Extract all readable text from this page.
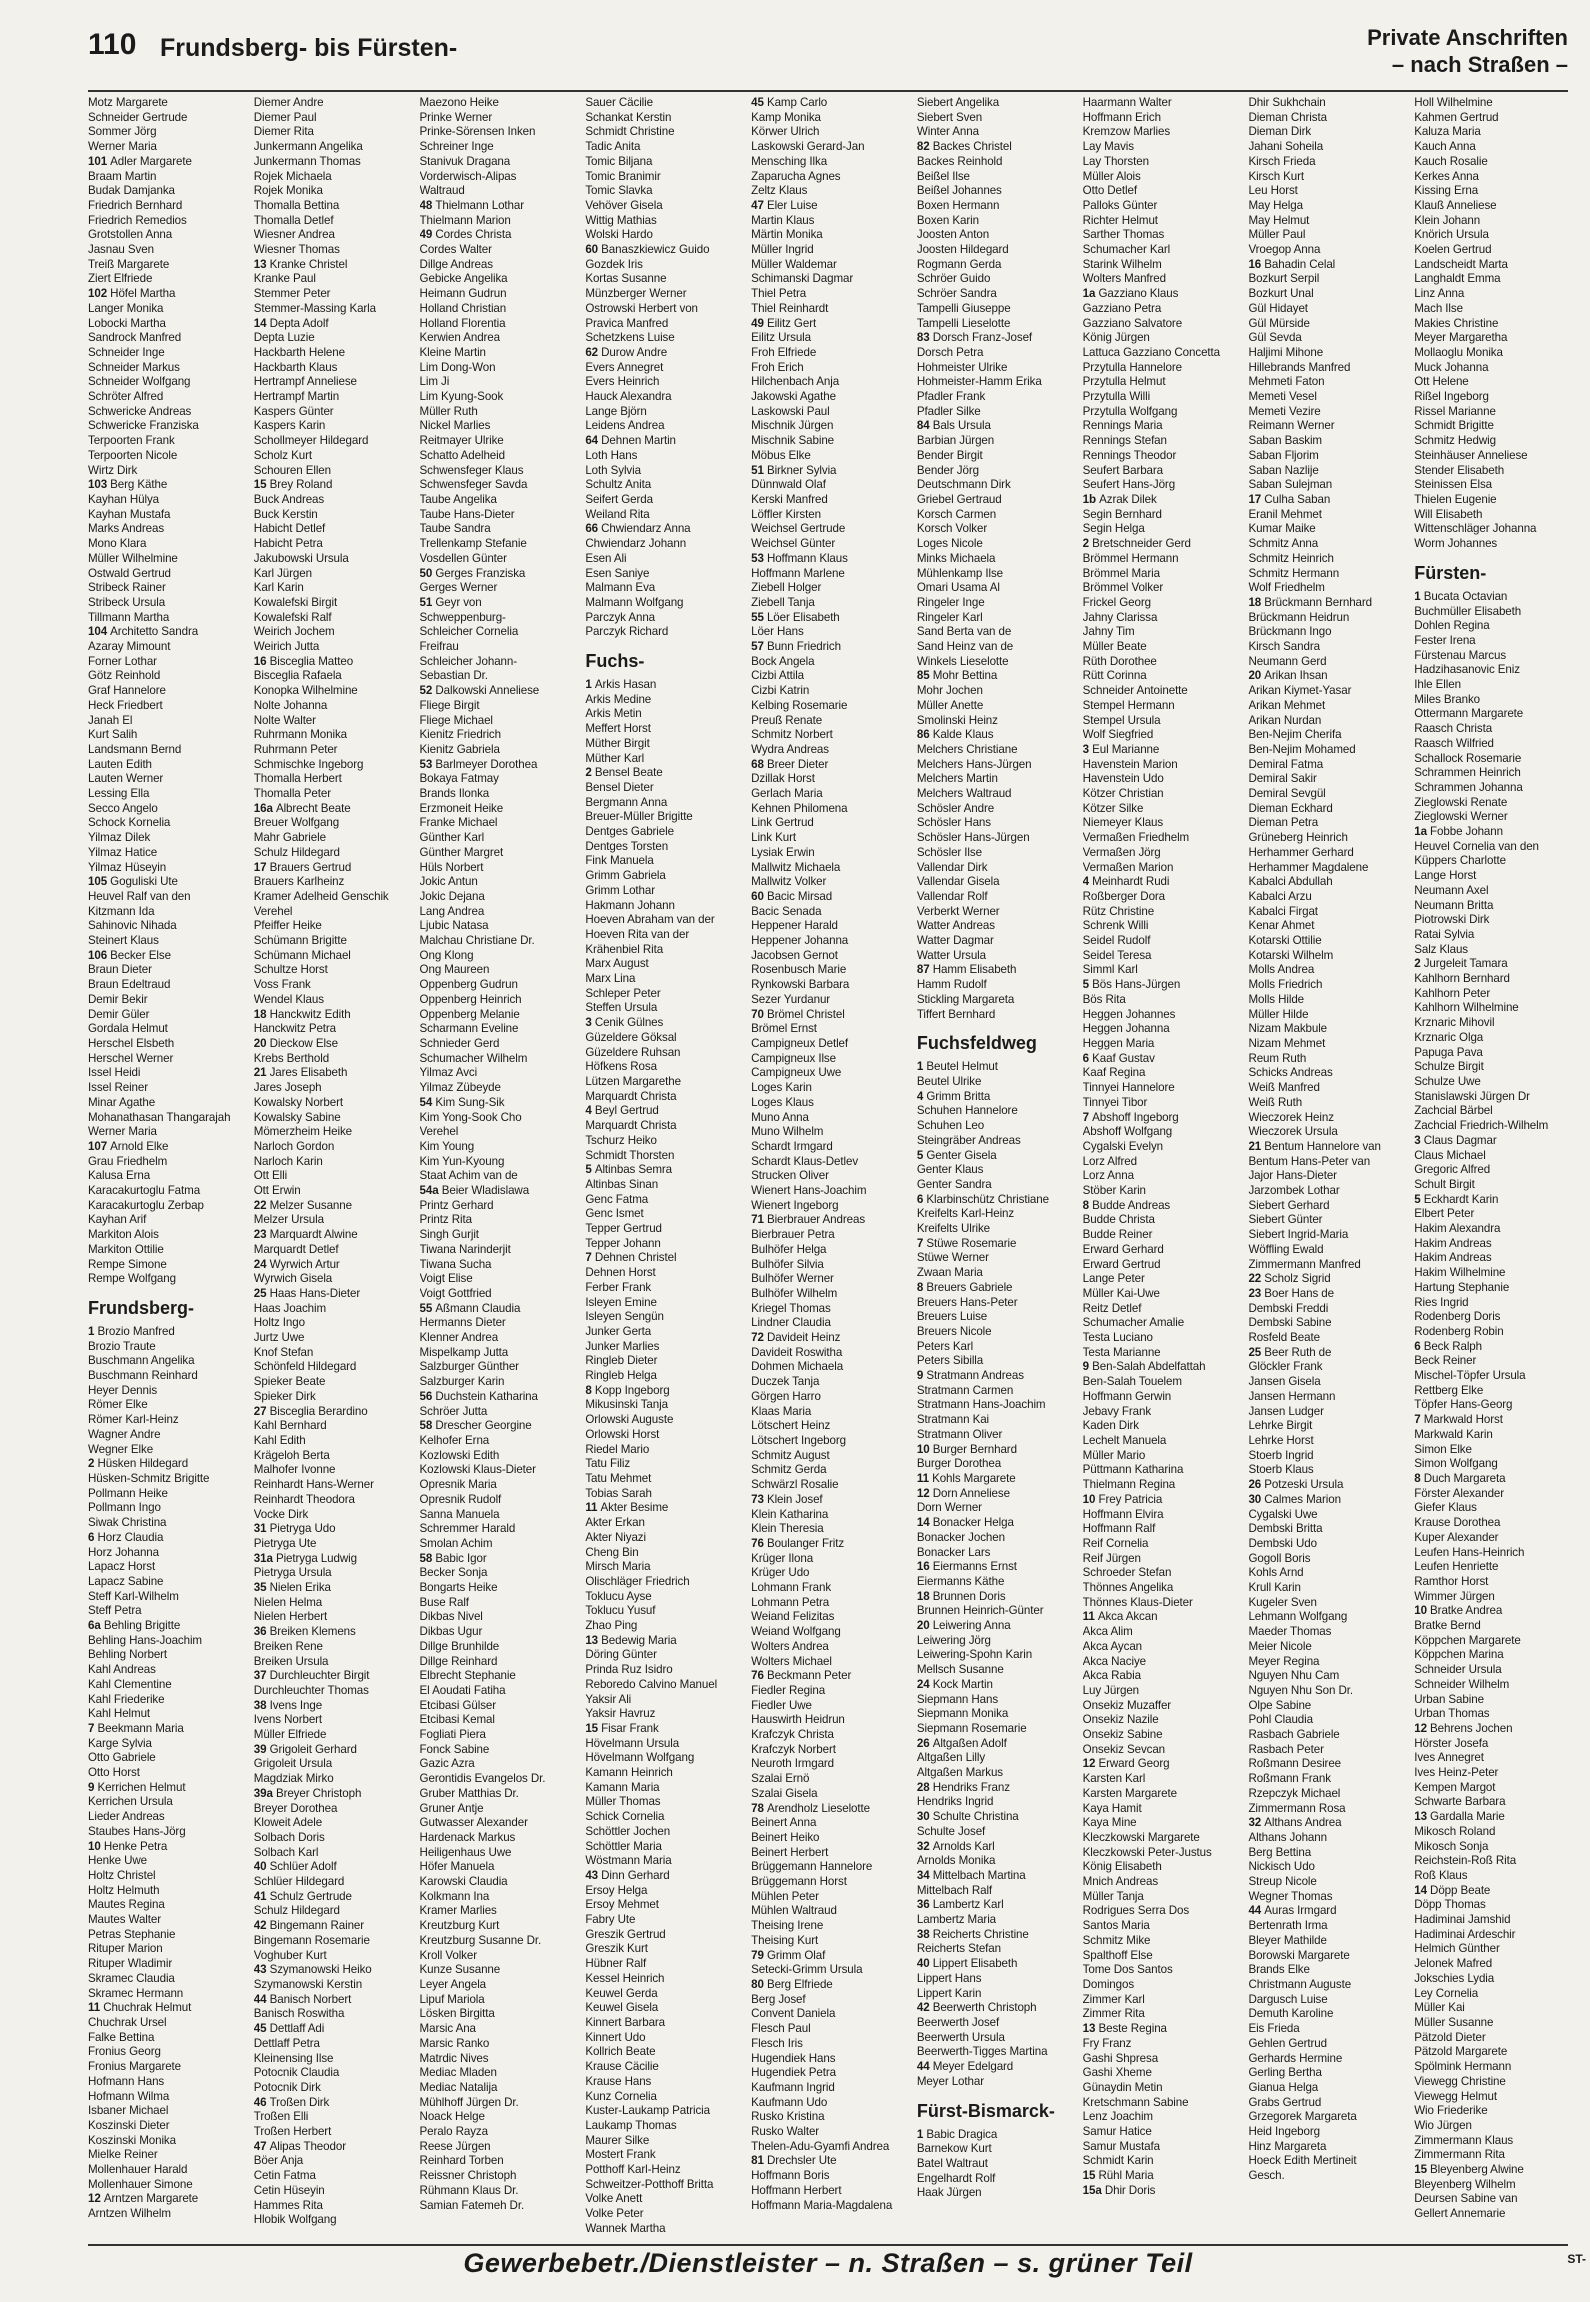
110 Frundsberg- bis Fürsten-	Private Anschriften
– nach Straßen –
Motz Margarete
Schneider Gertrude
Sommer Jörg
Werner Maria
101 Adler Margarete
Braam Martin
Budak Damjanka
Friedrich Bernhard
Friedrich Remedios
Grotstollen Anna
Jasnau Sven
Treiß Margarete
Ziert Elfriede
102 Höfel Martha
Langer Monika
Lobocki Martha
Sandrock Manfred
Schneider Inge
Schneider Markus
Schneider Wolfgang
Schröter Alfred
Schwericke Andreas
Schwericke Franziska
Terpoorten Frank
Terpoorten Nicole
Wirtz Dirk
103 Berg Käthe
Kayhan Hülya
Kayhan Mustafa
Marks Andreas
Mono Klara
Müller Wilhelmine
Ostwald Gertrud
Stribeck Rainer
Stribeck Ursula
Tillmann Martha
104 Architetto Sandra
Azaray Mimount
Forner Lothar
Götz Reinhold
Graf Hannelore
Heck Friedbert
Janah El
Kurt Salih
Landsmann Bernd
Lauten Edith
Lauten Werner
Lessing Ella
Secco Angelo
Schock Kornelia
Yilmaz Dilek
Yilmaz Hatice
Yilmaz Hüseyin
105 Goguliski Ute
Heuvel Ralf van den
Kitzmann Ida
Sahinovic Nihada
Steinert Klaus
106 Becker Else
Braun Dieter
Braun Edeltraud
Demir Bekir
Demir Güler
Gordala Helmut
Herschel Elsbeth
Herschel Werner
Issel Heidi
Issel Reiner
Minar Agathe
Mohanathasan Thangarajah
Werner Maria
107 Arnold Elke
Grau Friedhelm
Kalusa Erna
Karacakurtoglu Fatma
Karacakurtoglu Zerbap
Kayhan Arif
Markiton Alois
Markiton Ottilie
Rempe Simone
Rempe Wolfgang
Frundsberg-
1 Brozio Manfred
Brozio Traute
Buschmann Angelika
Buschmann Reinhard
Heyer Dennis
Römer Elke
Römer Karl-Heinz
Wagner Andre
Wegner Elke
2 Hüsken Hildegard
Hüsken-Schmitz Brigitte
Pollmann Heike
Pollmann Ingo
Siwak Christina
6 Horz Claudia
Horz Johanna
Lapacz Horst
Lapacz Sabine
Steff Karl-Wilhelm
Steff Petra
6a Behling Brigitte
Behling Hans-Joachim
Behling Norbert
Kahl Andreas
Kahl Clementine
Kahl Friederike
Kahl Helmut
7 Beekmann Maria
Karge Sylvia
Otto Gabriele
Otto Horst
9 Kerrichen Helmut
Kerrichen Ursula
Lieder Andreas
Staubes Hans-Jörg
10 Henke Petra
Henke Uwe
Holtz Christel
Holtz Helmuth
Mautes Regina
Mautes Walter
Petras Stephanie
Rituper Marion
Rituper Wladimir
Skramec Claudia
Skramec Hermann
11 Chuchrak Helmut
Chuchrak Ursel
Falke Bettina
Fronius Georg
Fronius Margarete
Hofmann Hans
Hofmann Wilma
Isbaner Michael
Koszinski Dieter
Koszinski Monika
Mielke Reiner
Mollenhauer Harald
Mollenhauer Simone
12 Arntzen Margarete
Arntzen Wilhelm
Diemer Andre
Diemer Paul
Diemer Rita
Junkermann Angelika
Junkermann Thomas
Rojek Michaela
Rojek Monika
Thomalla Bettina
Thomalla Detlef
Wiesner Andrea
Wiesner Thomas
13 Kranke Christel
Kranke Paul
Stemmer Peter
Stemmer-Massing Karla
14 Depta Adolf
Depta Luzie
Hackbarth Helene
Hackbarth Klaus
Hertrampf Anneliese
Hertrampf Martin
Kaspers Günter
Kaspers Karin
Schollmeyer Hildegard
Scholz Kurt
Schouren Ellen
15 Brey Roland
Buck Andreas
Buck Kerstin
Habicht Detlef
Habicht Petra
Jakubowski Ursula
Karl Jürgen
Karl Karin
Kowalefski Birgit
Kowalefski Ralf
Weirich Jochem
Weirich Jutta
16 Bisceglia Matteo
Bisceglia Rafaela
Konopka Wilhelmine
Nolte Johanna
Nolte Walter
Ruhrmann Monika
Ruhrmann Peter
Schmischke Ingeborg
Thomalla Herbert
Thomalla Peter
16a Albrecht Beate
Breuer Wolfgang
Mahr Gabriele
Schulz Hildegard
17 Brauers Gertrud
Brauers Karlheinz
Kramer Adelheid Genschik
Verehel
Pfeiffer Heike
Schümann Brigitte
Schümann Michael
Schultze Horst
Voss Frank
Wendel Klaus
18 Hanckwitz Edith
Hanckwitz Petra
20 Dieckow Else
Krebs Berthold
21 Jares Elisabeth
Jares Joseph
Kowalsky Norbert
Kowalsky Sabine
Mömerzheim Heike
Narloch Gordon
Narloch Karin
Ott Elli
Ott Erwin
22 Melzer Susanne
Melzer Ursula
23 Marquardt Alwine
Marquardt Detlef
24 Wyrwich Artur
Wyrwich Gisela
25 Haas Hans-Dieter
Haas Joachim
Holtz Ingo
Jurtz Uwe
Knof Stefan
Schönfeld Hildegard
Spieker Beate
Spieker Dirk
27 Bisceglia Berardino
Kahl Bernhard
Kahl Edith
Krägeloh Berta
Malhofer Ivonne
Reinhardt Hans-Werner
Reinhardt Theodora
Vocke Dirk
31 Pietryga Udo
Pietryga Ute
31a Pietryga Ludwig
Pietryga Ursula
35 Nielen Erika
Nielen Helma
Nielen Herbert
36 Breiken Klemens
Breiken Rene
Breiken Ursula
37 Durchleuchter Birgit
Durchleuchter Thomas
38 Ivens Inge
Ivens Norbert
Müller Elfriede
39 Grigoleit Gerhard
Grigoleit Ursula
Magdziak Mirko
39a Breyer Christoph
Breyer Dorothea
Kloweit Adele
Solbach Doris
Solbach Karl
40 Schlüer Adolf
Schlüer Hildegard
41 Schulz Gertrude
Schulz Hildegard
42 Bingemann Rainer
Bingemann Rosemarie
Voghuber Kurt
43 Szymanowski Heiko
Szymanowski Kerstin
44 Banisch Norbert
Banisch Roswitha
45 Dettlaff Adi
Dettlaff Petra
Kleinensing Ilse
Potocnik Claudia
Potocnik Dirk
46 Troßen Dirk
Troßen Elli
Troßen Herbert
47 Alipas Theodor
Böer Anja
Cetin Fatma
Cetin Hüseyin
Hammes Rita
Hlobik Wolfgang
Maezono Heike
Prinke Werner
Prinke-Sörensen Inken
Schreiner Inge
Stanivuk Dragana
Vorderwisch-Alipas
Waltraud
48 Thielmann Lothar
Thielmann Marion
49 Cordes Christa
Cordes Walter
Dillge Andreas
Gebicke Angelika
Heimann Gudrun
Holland Christian
Holland Florentia
Kerwien Andrea
Kleine Martin
Lim Dong-Won
Lim Ji
Lim Kyung-Sook
Müller Ruth
Nickel Marlies
Reitmayer Ulrike
Schatto Adelheid
Schwensfeger Klaus
Schwensfeger Savda
Taube Angelika
Taube Hans-Dieter
Taube Sandra
Trellenkamp Stefanie
Vosdellen Günter
50 Gerges Franziska
Gerges Werner
51 Geyr von
Schweppenburg-
Schleicher Cornelia
Freifrau
Schleicher Johann-
Sebastian Dr.
52 Dalkowski Anneliese
Fliege Birgit
Fliege Michael
Kienitz Friedrich
Kienitz Gabriela
53 Barlmeyer Dorothea
Bokaya Fatmay
Brands Ilonka
Erzmoneit Heike
Franke Michael
Günther Karl
Günther Margret
Hüls Norbert
Jokic Antun
Jokic Dejana
Lang Andrea
Ljubic Natasa
Malchau Christiane Dr.
Ong Klong
Ong Maureen
Oppenberg Gudrun
Oppenberg Heinrich
Oppenberg Melanie
Scharmann Eveline
Schnieder Gerd
Schumacher Wilhelm
Yilmaz Avci
Yilmaz Zübeyde
54 Kim Sung-Sik
Kim Yong-Sook Cho
Verehel
Kim Young
Kim Yun-Kyoung
Staat Achim van de
54a Beier Wladislawa
Printz Gerhard
Printz Rita
Singh Gurjit
Tiwana Narinderjit
Tiwana Sucha
Voigt Elise
Voigt Gottfried
55 Aßmann Claudia
Hermanns Dieter
Klenner Andrea
Mispelkamp Jutta
Salzburger Günther
Salzburger Karin
56 Duchstein Katharina
Schröer Jutta
58 Drescher Georgine
Kelhofer Erna
Kozlowski Edith
Kozlowski Klaus-Dieter
Opresnik Maria
Opresnik Rudolf
Sanna Manuela
Schremmer Harald
Smolan Achim
58 Babic Igor
Becker Sonja
Bongarts Heike
Buse Ralf
Dikbas Nivel
Dikbas Ugur
Dillge Brunhilde
Dillge Reinhard
Elbrecht Stephanie
El Aoudati Fatiha
Etcibasi Gülser
Etcibasi Kemal
Fogliati Piera
Fonck Sabine
Gazic Azra
Gerontidis Evangelos Dr.
Gruber Matthias Dr.
Gruner Antje
Gutwasser Alexander
Hardenack Markus
Heiligenhaus Uwe
Höfer Manuela
Karowski Claudia
Kolkmann Ina
Kramer Marlies
Kreutzburg Kurt
Kreutzburg Susanne Dr.
Kroll Volker
Kunze Susanne
Leyer Angela
Lipuf Mariola
Lösken Birgitta
Marsic Ana
Marsic Ranko
Matrdic Nives
Mediac Mladen
Mediac Natalija
Mühlhoff Jürgen Dr.
Noack Helge
Peralo Rayza
Reese Jürgen
Reinhard Torben
Reissner Christoph
Rühmann Klaus Dr.
Samian Fatemeh Dr.
Sauer Cäcilie
Schankat Kerstin
Schmidt Christine
Tadic Anita
Tomic Biljana
Tomic Branimir
Tomic Slavka
Vehöver Gisela
Wittig Mathias
Wolski Hardo
60 Banaszkiewicz Guido
Gozdek Iris
Kortas Susanne
Münzberger Werner
Ostrowski Herbert von
Pravica Manfred
Schetzkens Luise
62 Durow Andre
Evers Annegret
Evers Heinrich
Hauck Alexandra
Lange Björn
Leidens Andrea
64 Dehnen Martin
Loth Hans
Loth Sylvia
Schultz Anita
Seifert Gerda
Weiland Rita
66 Chwiendarz Anna
Chwiendarz Johann
Esen Ali
Esen Saniye
Malmann Eva
Malmann Wolfgang
Parczyk Anna
Parczyk Richard
Fuchs-
1 Arkis Hasan
Arkis Medine
Arkis Metin
Meffert Horst
Müther Birgit
Müther Karl
2 Bensel Beate
Bensel Dieter
Bergmann Anna
Breuer-Müller Brigitte
Dentges Gabriele
Dentges Torsten
Fink Manuela
Grimm Gabriela
Grimm Lothar
Hakmann Johann
Hoeven Abraham van der
Hoeven Rita van der
Krähenbiel Rita
Marx August
Marx Lina
Schleper Peter
Steffen Ursula
3 Cenik Gülnes
Güzeldere Göksal
Güzeldere Ruhsan
Höfkens Rosa
Lützen Margarethe
Marquardt Christa
4 Beyl Gertrud
Marquardt Christa
Tschurz Heiko
Schmidt Thorsten
5 Altinbas Semra
Altinbas Sinan
Genc Fatma
Genc Ismet
Tepper Gertrud
Tepper Johann
7 Dehnen Christel
Dehnen Horst
Ferber Frank
Isleyen Emine
Isleyen Sengün
Junker Gerta
Junker Marlies
Ringleb Dieter
Ringleb Helga
8 Kopp Ingeborg
Mikusinski Tanja
Orlowski Auguste
Orlowski Horst
Riedel Mario
Tatu Filiz
Tatu Mehmet
Tobias Sarah
11 Akter Besime
Akter Erkan
Akter Niyazi
Cheng Bin
Mirsch Maria
Olischläger Friedrich
Toklucu Ayse
Toklucu Yusuf
Zhao Ping
13 Bedewig Maria
Döring Günter
Prinda Ruz Isidro
Reboredo Calvino Manuel
Yaksir Ali
Yaksir Havruz
15 Fisar Frank
Hövelmann Ursula
Hövelmann Wolfgang
Kamann Heinrich
Kamann Maria
Müller Thomas
Schick Cornelia
Schöttler Jochen
Schöttler Maria
Wöstmann Maria
43 Dinn Gerhard
Ersoy Helga
Ersoy Mehmet
Fabry Ute
Greszik Gertrud
Greszik Kurt
Hübner Ralf
Kessel Heinrich
Keuwel Gerda
Keuwel Gisela
Kinnert Barbara
Kinnert Udo
Kollrich Beate
Krause Cäcilie
Krause Hans
Kunz Cornelia
Kuster-Laukamp Patricia
Laukamp Thomas
Maurer Silke
Mostert Frank
Potthoff Karl-Heinz
Schweitzer-Potthoff Britta
Volke Anett
Volke Peter
Wannek Martha
45 Kamp Carlo
Kamp Monika
Körwer Ulrich
Laskowski Gerard-Jan
Mensching Ilka
Zaparucha Agnes
Zeltz Klaus
47 Eler Luise
Martin Klaus
Märtin Monika
Müller Ingrid
Müller Waldemar
Schimanski Dagmar
Thiel Petra
Thiel Reinhardt
49 Eilitz Gert
Eilitz Ursula
Froh Elfriede
Froh Erich
Hilchenbach Anja
Jakowski Agathe
Laskowski Paul
Mischnik Jürgen
Mischnik Sabine
Möbus Elke
51 Birkner Sylvia
Dünnwald Olaf
Kerski Manfred
Löffler Kirsten
Weichsel Gertrude
Weichsel Günter
53 Hoffmann Klaus
Hoffmann Marlene
Ziebell Holger
Ziebell Tanja
55 Löer Elisabeth
Löer Hans
57 Bunn Friedrich
Bock Angela
Cizbi Attila
Cizbi Katrin
Kelbing Rosemarie
Preuß Renate
Schmitz Norbert
Wydra Andreas
68 Breer Dieter
Dzillak Horst
Gerlach Maria
Kehnen Philomena
Link Gertrud
Link Kurt
Lysiak Erwin
Mallwitz Michaela
Mallwitz Volker
60 Bacic Mirsad
Bacic Senada
Heppener Harald
Heppener Johanna
Jacobsen Gernot
Rosenbusch Marie
Rynkowski Barbara
Sezer Yurdanur
70 Brömel Christel
Brömel Ernst
Campigneux Detlef
Campigneux Ilse
Campigneux Uwe
Loges Karin
Loges Klaus
Muno Anna
Muno Wilhelm
Schardt Irmgard
Schardt Klaus-Detlev
Strucken Oliver
Wienert Hans-Joachim
Wienert Ingeborg
71 Bierbrauer Andreas
Bierbrauer Petra
Bulhöfer Helga
Bulhöfer Silvia
Bulhöfer Werner
Bulhöfer Wilhelm
Kriegel Thomas
Lindner Claudia
72 Davideit Heinz
Davideit Roswitha
Dohmen Michaela
Duczek Tanja
Görgen Harro
Klaas Maria
Lötschert Heinz
Lötschert Ingeborg
Schmitz August
Schmitz Gerda
Schwärzl Rosalie
73 Klein Josef
Klein Katharina
Klein Theresia
76 Boulanger Fritz
Krüger Ilona
Krüger Udo
Lohmann Frank
Lohmann Petra
Weiand Felizitas
Weiand Wolfgang
Wolters Andrea
Wolters Michael
76 Beckmann Peter
Fiedler Regina
Fiedler Uwe
Hauswirth Heidrun
Krafczyk Christa
Krafczyk Norbert
Neuroth Irmgard
Szalai Ernö
Szalai Gisela
78 Arendholz Lieselotte
Beinert Anna
Beinert Heiko
Beinert Herbert
Brüggemann Hannelore
Brüggemann Horst
Mühlen Peter
Mühlen Waltraud
Theising Irene
Theising Kurt
79 Grimm Olaf
Setecki-Grimm Ursula
80 Berg Elfriede
Berg Josef
Convent Daniela
Flesch Paul
Flesch Iris
Hugendiek Hans
Hugendiek Petra
Kaufmann Ingrid
Kaufmann Udo
Rusko Kristina
Rusko Walter
Thelen-Adu-Gyamfi Andrea
81 Drechsler Ute
Hoffmann Boris
Hoffmann Herbert
Hoffmann Maria-Magdalena
Siebert Angelika
Siebert Sven
Winter Anna
82 Backes Christel
Backes Reinhold
Beißel Ilse
Beißel Johannes
Boxen Hermann
Boxen Karin
Joosten Anton
Joosten Hildegard
Rogmann Gerda
Schröer Guido
Schröer Sandra
Tampelli Giuseppe
Tampelli Lieselotte
83 Dorsch Franz-Josef
Dorsch Petra
Hohmeister Ulrike
Hohmeister-Hamm Erika
Pfadler Frank
Pfadler Silke
84 Bals Ursula
Barbian Jürgen
Bender Birgit
Bender Jörg
Deutschmann Dirk
Griebel Gertraud
Korsch Carmen
Korsch Volker
Loges Nicole
Minks Michaela
Mühlenkamp Ilse
Omari Usama Al
Ringeler Inge
Ringeler Karl
Sand Berta van de
Sand Heinz van de
Winkels Lieselotte
85 Mohr Bettina
Mohr Jochen
Müller Anette
Smolinski Heinz
86 Kalde Klaus
Melchers Christiane
Melchers Hans-Jürgen
Melchers Martin
Melchers Waltraud
Schösler Andre
Schösler Hans
Schösler Hans-Jürgen
Schösler Ilse
Vallendar Dirk
Vallendar Gisela
Vallendar Rolf
Verberkt Werner
Watter Andreas
Watter Dagmar
Watter Ursula
87 Hamm Elisabeth
Hamm Rudolf
Stickling Margareta
Tiffert Bernhard
Fuchsfeldweg
1 Beutel Helmut
Beutel Ulrike
4 Grimm Britta
Schuhen Hannelore
Schuhen Leo
Steingräber Andreas
5 Genter Gisela
Genter Klaus
Genter Sandra
6 Klarbinschütz Christiane
Kreifelts Karl-Heinz
Kreifelts Ulrike
7 Stüwe Rosemarie
Stüwe Werner
Zwaan Maria
8 Breuers Gabriele
Breuers Hans-Peter
Breuers Luise
Breuers Nicole
Peters Karl
Peters Sibilla
9 Stratmann Andreas
Stratmann Carmen
Stratmann Hans-Joachim
Stratmann Kai
Stratmann Oliver
10 Burger Bernhard
Burger Dorothea
11 Kohls Margarete
12 Dorn Anneliese
Dorn Werner
14 Bonacker Helga
Bonacker Jochen
Bonacker Lars
16 Eiermanns Ernst
Eiermanns Käthe
18 Brunnen Doris
Brunnen Heinrich-Günter
20 Leiwering Anna
Leiwering Jörg
Leiwering-Spohn Karin
Mellsch Susanne
24 Kock Martin
Siepmann Hans
Siepmann Monika
Siepmann Rosemarie
26 Altgaßen Adolf
Altgaßen Lilly
Altgaßen Markus
28 Hendriks Franz
Hendriks Ingrid
30 Schulte Christina
Schulte Josef
32 Arnolds Karl
Arnolds Monika
34 Mittelbach Martina
Mittelbach Ralf
36 Lambertz Karl
Lambertz Maria
38 Reicherts Christine
Reicherts Stefan
40 Lippert Elisabeth
Lippert Hans
Lippert Karin
42 Beerwerth Christoph
Beerwerth Josef
Beerwerth Ursula
Beerwerth-Tigges Martina
44 Meyer Edelgard
Meyer Lothar
Fürst-Bismarck-
1 Babic Dragica
Barnekow Kurt
Batel Waltraut
Engelhardt Rolf
Haak Jürgen
Haarmann Walter
Hoffmann Erich
Kremzow Marlies
Lay Mavis
Lay Thorsten
Müller Alois
Otto Detlef
Palloks Günter
Richter Helmut
Sarther Thomas
Schumacher Karl
Starink Wilhelm
Wolters Manfred
1a Gazziano Klaus
Gazziano Petra
Gazziano Salvatore
König Jürgen
Lattuca Gazziano Concetta
Przytulla Hannelore
Przytulla Helmut
Przytulla Willi
Przytulla Wolfgang
Rennings Maria
Rennings Stefan
Rennings Theodor
Seufert Barbara
Seufert Hans-Jörg
1b Azrak Dilek
Segin Bernhard
Segin Helga
2 Bretschneider Gerd
Brömmel Hermann
Brömmel Maria
Brömmel Volker
Frickel Georg
Jahny Clarissa
Jahny Tim
Müller Beate
Rüth Dorothee
Rütt Corinna
Schneider Antoinette
Stempel Hermann
Stempel Ursula
Wolf Siegfried
3 Eul Marianne
Havenstein Marion
Havenstein Udo
Kötzer Christian
Kötzer Silke
Niemeyer Klaus
Vermaßen Friedhelm
Vermaßen Jörg
Vermaßen Marion
4 Meinhardt Rudi
Roßberger Dora
Rütz Christine
Schrenk Willi
Seidel Rudolf
Seidel Teresa
Simml Karl
5 Bös Hans-Jürgen
Bös Rita
Heggen Johannes
Heggen Johanna
Heggen Maria
6 Kaaf Gustav
Kaaf Regina
Tinnyei Hannelore
Tinnyei Tibor
7 Abshoff Ingeborg
Abshoff Wolfgang
Cygalski Evelyn
Lorz Alfred
Lorz Anna
Stöber Karin
8 Budde Andreas
Budde Christa
Budde Reiner
Erward Gerhard
Erward Gertrud
Lange Peter
Müller Kai-Uwe
Reitz Detlef
Schumacher Amalie
Testa Luciano
Testa Marianne
9 Ben-Salah Abdelfattah
Ben-Salah Touelem
Hoffmann Gerwin
Jebavy Frank
Kaden Dirk
Lechelt Manuela
Müller Mario
Püttmann Katharina
Thielmann Regina
10 Frey Patricia
Hoffmann Elvira
Hoffmann Ralf
Reif Cornelia
Reif Jürgen
Schroeder Stefan
Thönnes Angelika
Thönnes Klaus-Dieter
11 Akca Akcan
Akca Alim
Akca Aycan
Akca Naciye
Akca Rabia
Luy Jürgen
Onsekiz Muzaffer
Onsekiz Nazile
Onsekiz Sabine
Onsekiz Sevcan
12 Erward Georg
Karsten Karl
Karsten Margarete
Kaya Hamit
Kaya Mine
Kleczkowski Margarete
Kleczkowski Peter-Justus
König Elisabeth
Mnich Andreas
Müller Tanja
Rodrigues Serra Dos
Santos Maria
Schmitz Mike
Spalthoff Else
Tome Dos Santos
Domingos
Zimmer Karl
Zimmer Rita
13 Beste Regina
Fry Franz
Gashi Shpresa
Gashi Xheme
Günaydin Metin
Kretschmann Sabine
Lenz Joachim
Samur Hatice
Samur Mustafa
Schmidt Karin
15 Rühl Maria
15a Dhir Doris
Dhir Sukhchain
Dieman Christa
Dieman Dirk
Jahani Soheila
Kirsch Frieda
Kirsch Kurt
Leu Horst
May Helga
May Helmut
Müller Paul
Vroegop Anna
16 Bahadin Celal
Bozkurt Serpil
Bozkurt Unal
Gül Hidayet
Gül Mürside
Gül Sevda
Haljimi Mihone
Hillebrands Manfred
Mehmeti Faton
Memeti Vesel
Memeti Vezire
Reimann Werner
Saban Baskim
Saban Fljorim
Saban Nazlije
Saban Sulejman
17 Culha Saban
Eranil Mehmet
Kumar Maike
Schmitz Anna
Schmitz Heinrich
Schmitz Hermann
Wolf Friedhelm
18 Brückmann Bernhard
Brückmann Heidrun
Brückmann Ingo
Kirsch Sandra
Neumann Gerd
20 Arikan Ihsan
Arikan Kiymet-Yasar
Arikan Mehmet
Arikan Nurdan
Ben-Nejim Cherifa
Ben-Nejim Mohamed
Demiral Fatma
Demiral Sakir
Demiral Sevgül
Dieman Eckhard
Dieman Petra
Grüneberg Heinrich
Herhammer Gerhard
Herhammer Magdalene
Kabalci Abdullah
Kabalci Arzu
Kabalci Firgat
Kenar Ahmet
Kotarski Ottilie
Kotarski Wilhelm
Molls Andrea
Molls Friedrich
Molls Hilde
Müller Hilde
Nizam Makbule
Nizam Mehmet
Reum Ruth
Schicks Andreas
Weiß Manfred
Weiß Ruth
Wieczorek Heinz
Wieczorek Ursula
21 Bentum Hannelore van
Bentum Hans-Peter van
Jajor Hans-Dieter
Jarzombek Lothar
Siebert Gerhard
Siebert Günter
Siebert Ingrid-Maria
Wöffling Ewald
Zimmermann Manfred
22 Scholz Sigrid
23 Boer Hans de
Dembski Freddi
Dembski Sabine
Rosfeld Beate
25 Beer Ruth de
Glöckler Frank
Jansen Gisela
Jansen Hermann
Jansen Ludger
Lehrke Birgit
Lehrke Horst
Stoerb Ingrid
Stoerb Klaus
26 Potzeski Ursula
30 Calmes Marion
Cygalski Uwe
Dembski Britta
Dembski Udo
Gogoll Boris
Kohls Arnd
Krull Karin
Kugeler Sven
Lehmann Wolfgang
Maeder Thomas
Meier Nicole
Meyer Regina
Nguyen Nhu Cam
Nguyen Nhu Son Dr.
Olpe Sabine
Pohl Claudia
Rasbach Gabriele
Rasbach Peter
Roßmann Desiree
Roßmann Frank
Rzepczyk Michael
Zimmermann Rosa
32 Althans Andrea
Althans Johann
Berg Bettina
Nickisch Udo
Streup Nicole
Wegner Thomas
44 Auras Irmgard
Bertenrath Irma
Bleyer Mathilde
Borowski Margarete
Brands Elke
Christmann Auguste
Dargusch Luise
Demuth Karoline
Eis Frieda
Gehlen Gertrud
Gerhards Hermine
Gerling Bertha
Gianua Helga
Grabs Gertrud
Grzegorek Margareta
Heid Ingeborg
Hinz Margareta
Hoeck Edith Mertineit
Gesch.
Holl Wilhelmine
Kahmen Gertrud
Kaluza Maria
Kauch Anna
Kauch Rosalie
Kerkes Anna
Kissing Erna
Klauß Anneliese
Klein Johann
Knörich Ursula
Koelen Gertrud
Landscheidt Marta
Langhaldt Emma
Linz Anna
Mach Ilse
Makies Christine
Meyer Margaretha
Mollaoglu Monika
Muck Johanna
Ott Helene
Rißel Ingeborg
Rissel Marianne
Schmidt Brigitte
Schmitz Hedwig
Steinhäuser Anneliese
Stender Elisabeth
Steinissen Elsa
Thielen Eugenie
Will Elisabeth
Wittenschläger Johanna
Worm Johannes
Fürsten-
1 Bucata Octavian
Buchmüller Elisabeth
Dohlen Regina
Fester Irena
Fürstenau Marcus
Hadzihasanovic Eniz
Ihle Ellen
Miles Branko
Ottermann Margarete
Raasch Christa
Raasch Wilfried
Schallock Rosemarie
Schrammen Heinrich
Schrammen Johanna
Zieglowski Renate
Zieglowski Werner
1a Fobbe Johann
Heuvel Cornelia van den
Küppers Charlotte
Lange Horst
Neumann Axel
Neumann Britta
Piotrowski Dirk
Ratai Sylvia
Salz Klaus
2 Jurgeleit Tamara
Kahlhorn Bernhard
Kahlhorn Peter
Kahlhorn Wilhelmine
Krznaric Mihovil
Krznaric Olga
Papuga Pava
Schulze Birgit
Schulze Uwe
Stanislawski Jürgen Dr
Zachcial Bärbel
Zachcial Friedrich-Wilhelm
3 Claus Dagmar
Claus Michael
Gregoric Alfred
Schult Birgit
5 Eckhardt Karin
Elbert Peter
Hakim Alexandra
Hakim Andreas
Hakim Andreas
Hakim Wilhelmine
Hartung Stephanie
Ries Ingrid
Rodenberg Doris
Rodenberg Robin
6 Beck Ralph
Beck Reiner
Mischel-Töpfer Ursula
Rettberg Elke
Töpfer Hans-Georg
7 Markwald Horst
Markwald Karin
Simon Elke
Simon Wolfgang
8 Duch Margareta
Förster Alexander
Giefer Klaus
Krause Dorothea
Kuper Alexander
Leufen Hans-Heinrich
Leufen Henriette
Ramthor Horst
Wimmer Jürgen
10 Bratke Andrea
Bratke Bernd
Köppchen Margarete
Köppchen Marina
Schneider Ursula
Schneider Wilhelm
Urban Sabine
Urban Thomas
12 Behrens Jochen
Hörster Josefa
Ives Annegret
Ives Heinz-Peter
Kempen Margot
Schwarte Barbara
13 Gardalla Marie
Mikosch Roland
Mikosch Sonja
Reichstein-Roß Rita
Roß Klaus
14 Döpp Beate
Döpp Thomas
Hadiminai Jamshid
Hadiminai Ardeschir
Helmich Günther
Jelonek Mafred
Jokschies Lydia
Ley Cornelia
Müller Kai
Müller Susanne
Pätzold Dieter
Pätzold Margarete
Spölmink Hermann
Viewegg Christine
Viewegg Helmut
Wio Friederike
Wio Jürgen
Zimmermann Klaus
Zimmermann Rita
15 Bleyenberg Alwine
Bleyenberg Wilhelm
Deursen Sabine van
Gellert Annemarie
Gewerbebetr./Dienstleister – n. Straßen – s. grüner Teil	ST-
